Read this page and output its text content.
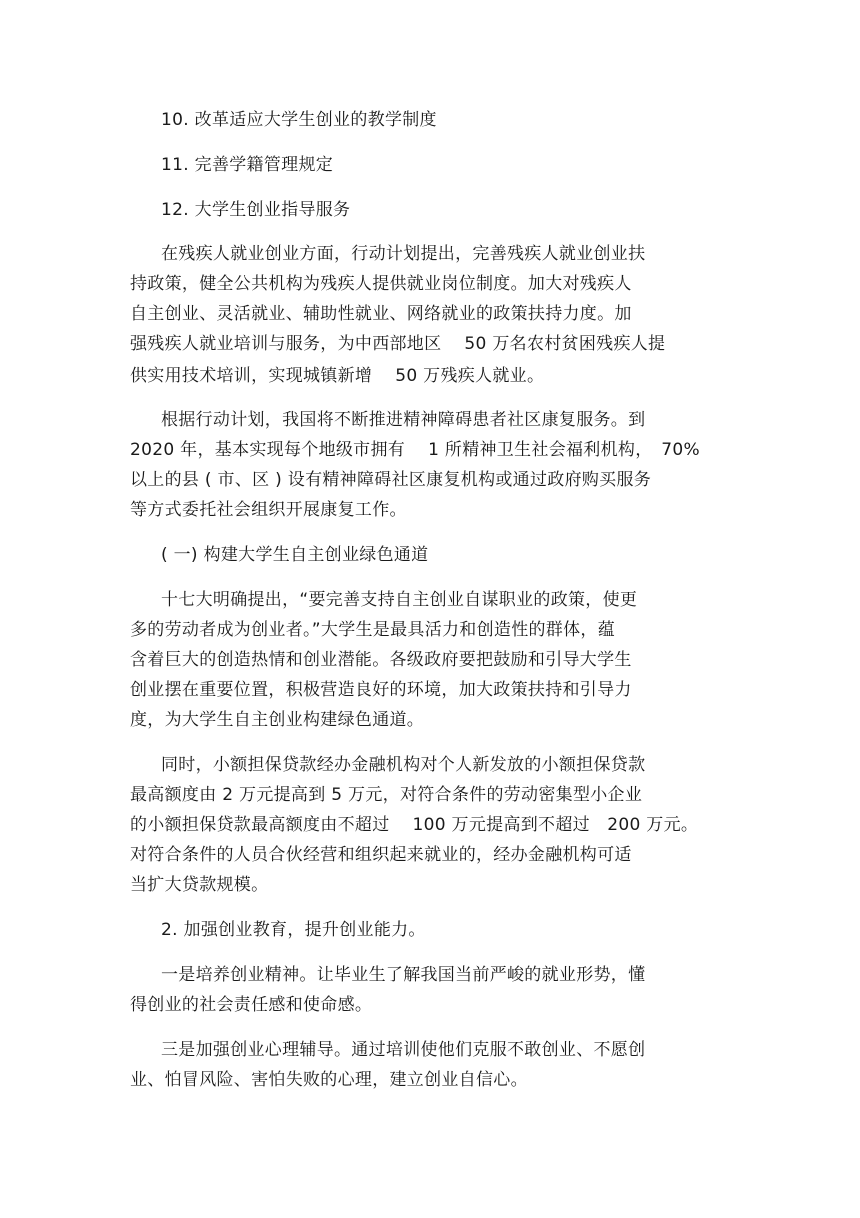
10. 改革适应大学生创业的教学制度
11. 完善学籍管理规定
12. 大学生创业指导服务
在残疾人就业创业方面，行动计划提出，完善残疾人就业创业扶
持政策，健全公共机构为残疾人提供就业岗位制度。加大对残疾人
自主创业、灵活就业、辅助性就业、网络就业的政策扶持力度。加
强残疾人就业培训与服务，为中西部地区　 50 万名农村贫困残疾人提
供实用技术培训，实现城镇新增　 50 万残疾人就业。
根据行动计划，我国将不断推进精神障碍患者社区康复服务。到
2020 年，基本实现每个地级市拥有　 1 所精神卫生社会福利机构，　70%
以上的县 ( 市、区 ) 设有精神障碍社区康复机构或通过政府购买服务
等方式委托社会组织开展康复工作。
( 一) 构建大学生自主创业绿色通道
十七大明确提出，“要完善支持自主创业自谋职业的政策，使更
多的劳动者成为创业者。”大学生是最具活力和创造性的群体，蕴
含着巨大的创造热情和创业潜能。各级政府要把鼓励和引导大学生
创业摆在重要位置，积极营造良好的环境，加大政策扶持和引导力
度，为大学生自主创业构建绿色通道。
同时，小额担保贷款经办金融机构对个人新发放的小额担保贷款
最高额度由 2 万元提高到 5 万元，对符合条件的劳动密集型小企业
的小额担保贷款最高额度由不超过　 100 万元提高到不超过　200 万元。
对符合条件的人员合伙经营和组织起来就业的，经办金融机构可适
当扩大贷款规模。
2. 加强创业教育，提升创业能力。
一是培养创业精神。让毕业生了解我国当前严峻的就业形势，懂
得创业的社会责任感和使命感。
三是加强创业心理辅导。通过培训使他们克服不敢创业、不愿创
业、怕冒风险、害怕失败的心理，建立创业自信心。
